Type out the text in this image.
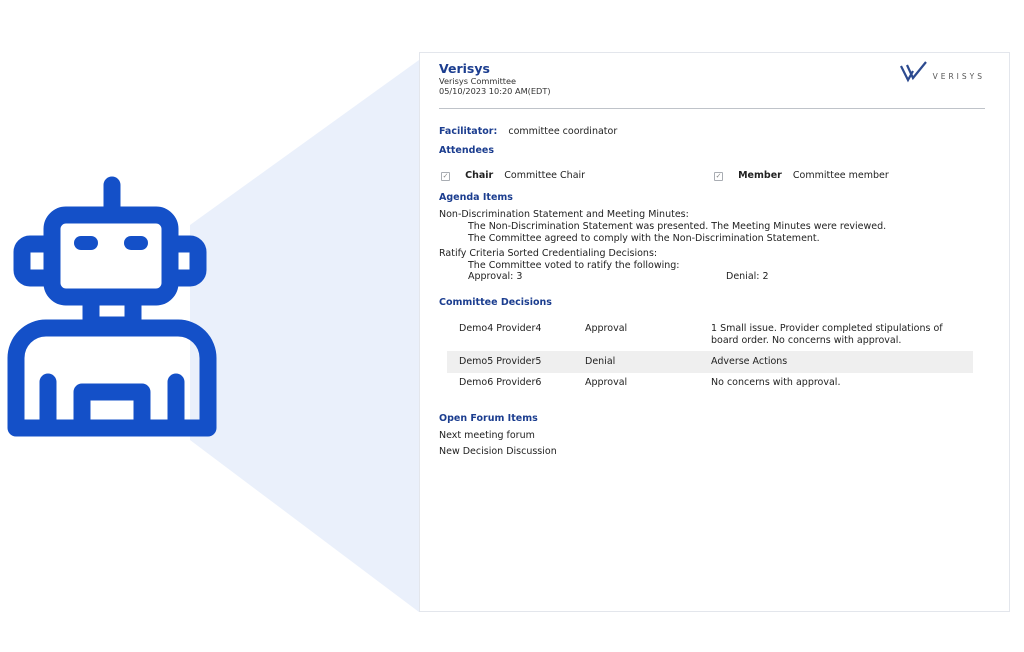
Verisys
Verisys Committee
05/10/2023 10:20 AM(EDT)
VERISYS
Facilitator: committee coordinator
Attendees
✓ Chair Committee Chair	✓ Member Committee member
Agenda Items
Non-Discrimination Statement and Meeting Minutes:
The Non-Discrimination Statement was presented. The Meeting Minutes were reviewed.
The Committee agreed to comply with the Non-Discrimination Statement.
Ratify Criteria Sorted Credentialing Decisions:
The Committee voted to ratify the following:
Approval: 3	Denial: 2
Committee Decisions
Demo4 Provider4	Approval	1 Small issue. Provider completed stipulations of
board order. No concerns with approval.
Demo5 Provider5	Denial	Adverse Actions
Demo6 Provider6	Approval	No concerns with approval.
Open Forum Items
Next meeting forum
New Decision Discussion
